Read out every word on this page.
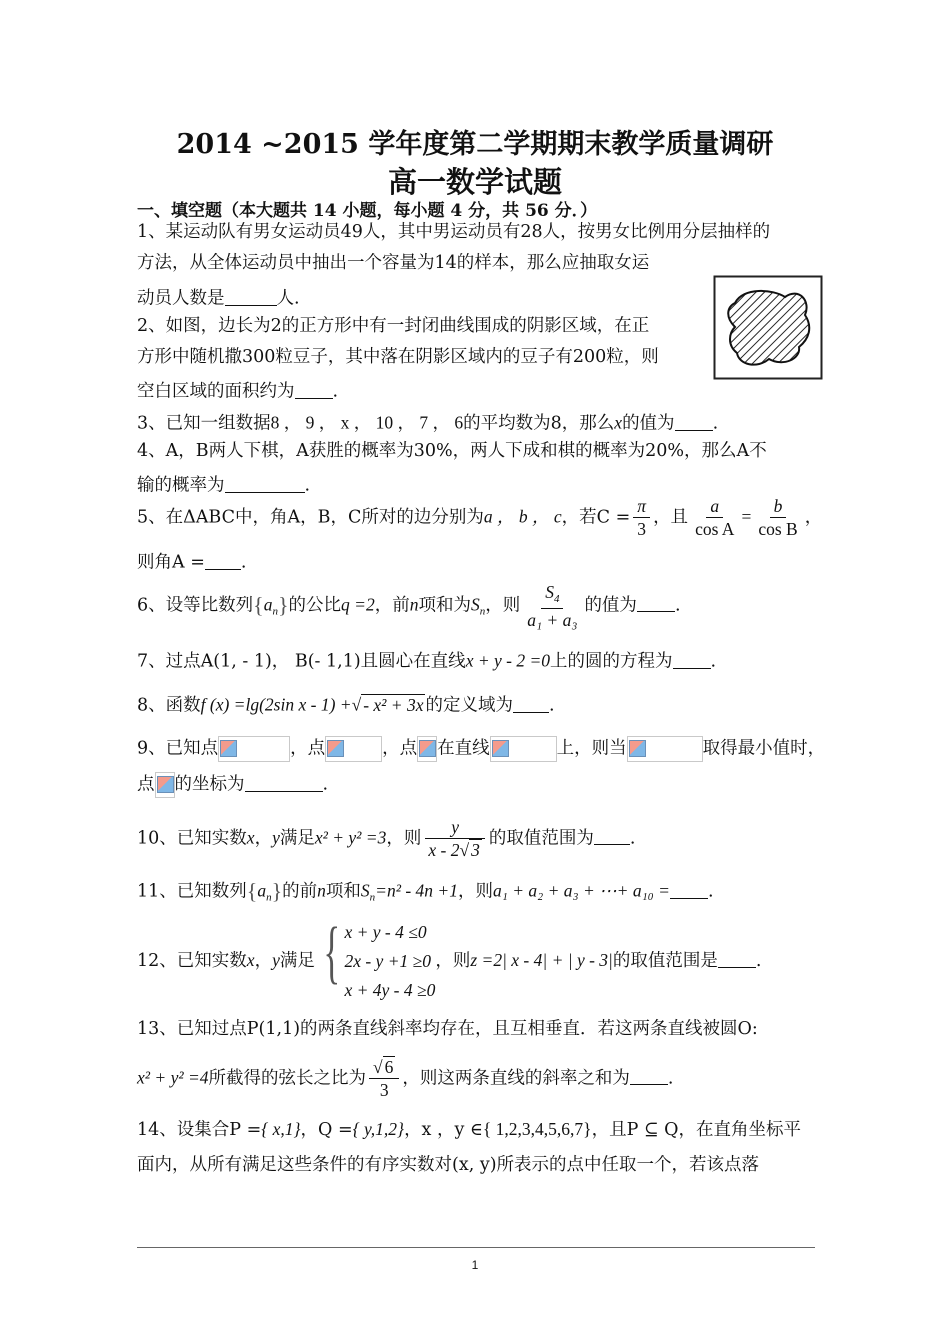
2014 ~2015 学年度第二学期期末教学质量调研
高一数学试题
一、填空题（本大题共 14 小题，每小题 4 分，共 56 分．）
1、某运动队有男女运动员49人，其中男运动员有28人，按男女比例用分层抽样的
方法，从全体运动员中抽出一个容量为14的样本，那么应抽取女运
动员人数是	人.
2、如图，边长为2的正方形中有一封闭曲线围成的阴影区域，在正
方形中随机撒300粒豆子，其中落在阴影区域内的豆子有200粒，则
空白区域的面积约为 .
3、已知一组数据8 ， 9 ， x ， 10 ， 7 ， 6的平均数为8，那么x的值为 .
4、A，B两人下棋，A获胜的概率为30%，两人下成和棋的概率为20%，那么A不
输的概率为	.
5、在ΔABC中，角A，B，C所对的边分别为a ， b ， c，若$C = \frac{\pi}{3}$ ，且 $\frac{a}{\text{cos A}} = \frac{b}{\text{cos B}}$ ，
则角A = .
6、设等比数列$\{a_n\}$的公比q =2，前n项和为$S_n$，则 $\frac{S_4}{\text{a₁ + a₃}}$ 的值为 .
7、过点A(1, - 1)， B(- 1,1)且圆心在直线x + y - 2 =0上的圆的方程为 .
8、函数f (x) =lg(2sin x - 1) +√ - x² + 3x 的定义域为 .
9、已知点	，点	，点 在直线	上，则当	取得最小值时，
点 的坐标为	.
10、已知实数x，y满足x² + y² =3，则 $\frac{y}{x - 2√ 3}$ 的取值范围为 .
11、已知数列$\{a_n\}$的前n项和$S_n=n^2 - 4n +1$，则a₁ + a₂ + a₃ + ⋯+ a₁₀ = .
12、已知实数x，y满足 { x + y - 4 ≤0
2x - y +1 ≥0
x + 4y - 4 ≥0
，则z =2| x - 4| + | y - 3|的取值范围是 .
13、已知过点P(1,1)的两条直线斜率均存在，且互相垂直．若这两条直线被圆O:
x² + y² =4所截得的弦长之比为 $\frac{√ 6}{3}$ ，则这两条直线的斜率之和为 .
14、设集合P ={ x,1}，Q ={ y,1,2}，x ，y ∈{ 1,2,3,4,5,6,7}，且P ⊆ Q，在直角坐标平
面内，从所有满足这些条件的有序实数对(x, y)所表示的点中任取一个，若该点落
1
